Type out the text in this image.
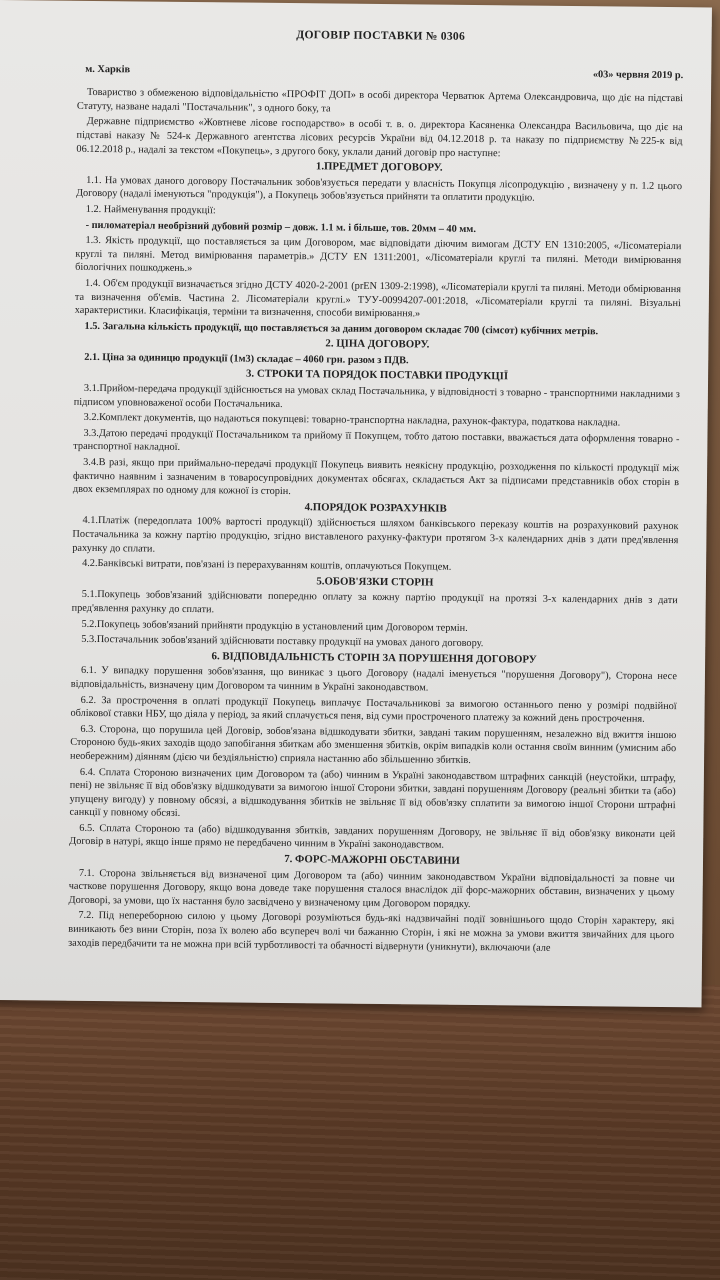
ДОГОВІР ПОСТАВКИ № 0306
м. Харків	«03» червня 2019 р.

Товариство з обмеженою відповідальністю «ПРОФІТ ДОП» в особі директора Черватюк Артема Олександровича, що діє на підставі Статуту, назване надалі "Постачальник", з одного боку, та

Державне підприємство «Жовтневе лісове господарство» в особі т. в. о. директора Касяненка Олександра Васильовича, що діє на підставі наказу № 524-к Державного агентства лісових ресурсів України від 04.12.2018 р. та наказу по підприємству №225-к від 06.12.2018 р., надалі за текстом «Покупець», з другого боку, уклали даний договір про наступне:

1.ПРЕДМЕТ ДОГОВОРУ.

1.1. На умовах даного договору Постачальник зобов'язується передати у власність Покупця лісопродукцію , визначену у п. 1.2 цього Договору (надалі іменуються "продукція"), а Покупець зобов'язується прийняти та оплатити продукцію.

1.2. Найменування продукції:

- пиломатеріал необрізний дубовий розмір – довж. 1.1 м. і більше, тов. 20мм – 40 мм.

1.3. Якість продукції, що поставляється за цим Договором, має відповідати діючим вимогам ДСТУ EN 1310:2005, «Лісоматеріали круглі та пиляні. Метод вимірювання параметрів.» ДСТУ EN 1311:2001, «Лісоматеріали круглі та пиляні. Методи вимірювання біологічних пошкоджень.»

1.4. Об'єм продукції визначається згідно ДСТУ 4020-2-2001 (prEN 1309-2:1998), «Лісоматеріали круглі та пиляні. Методи обмірювання та визначення об'ємів. Частина 2. Лісоматеріали круглі.» ТУУ-00994207-001:2018, «Лісоматеріали круглі та пиляні. Візуальні характеристики. Класифікація, терміни та визначення, способи вимірювання.»

1.5. Загальна кількість продукції, що поставляється за даним договором складає 700 (сімсот) кубічних метрів.

2. ЦІНА ДОГОВОРУ.

2.1. Ціна за одиницю продукції (1м3) складає – 4060 грн. разом з ПДВ.

3. СТРОКИ ТА ПОРЯДОК ПОСТАВКИ ПРОДУКЦІЇ

3.1.Прийом-передача продукції здійснюється на умовах склад Постачальника, у відповідності з товарно - транспортними накладними з підписом уповноваженої особи Постачальника.

3.2.Комплект документів, що надаються покупцеві: товарно-транспортна накладна, рахунок-фактура, податкова накладна.

3.3.Датою передачі продукції Постачальником та прийому її Покупцем, тобто датою поставки, вважається дата оформлення товарно - транспортної накладної.

3.4.В разі, якщо при приймально-передачі продукції Покупець виявить неякісну продукцію, розходження по кількості продукції між фактично наявним і зазначеним в товаросупровідних документах обсягах, складається Акт за підписами представників обох сторін в двох екземплярах по одному для кожної із сторін.

4.ПОРЯДОК РОЗРАХУНКІВ

4.1.Платіж (передоплата 100% вартості продукції) здійснюється шляхом банківського переказу коштів на розрахунковий рахунок Постачальника за кожну партію продукцію, згідно виставленого рахунку-фактури протягом 3-х календарних днів з дати пред'явлення рахунку до сплати.

4.2.Банківські витрати, пов'язані із перерахуванням коштів, оплачуються Покупцем.

5.ОБОВ'ЯЗКИ СТОРІН

5.1.Покупець зобов'язаний здійснювати попередню оплату за кожну партію продукції на протязі 3-х календарних днів з дати пред'явлення рахунку до сплати.

5.2.Покупець зобов'язаний прийняти продукцію в установлений цим Договором термін.

5.3.Постачальник зобов'язаний здійснювати поставку продукції на умовах даного договору.

6. ВІДПОВІДАЛЬНІСТЬ СТОРІН ЗА ПОРУШЕННЯ ДОГОВОРУ

6.1. У випадку порушення зобов'язання, що виникає з цього Договору (надалі іменується "порушення Договору"), Сторона несе відповідальність, визначену цим Договором та чинним в Україні законодавством.

6.2. За прострочення в оплаті продукції Покупець виплачує Постачальникові за вимогою останнього пеню у розмірі подвійної облікової ставки НБУ, що діяла у період, за який сплачується пеня, від суми простроченого платежу за кожний день прострочення.

6.3. Сторона, що порушила цей Договір, зобов'язана відшкодувати збитки, завдані таким порушенням, незалежно від вжиття іншою Стороною будь-яких заходів щодо запобігання збиткам або зменшення збитків, окрім випадків коли остання своїм винним (умисним або необережним) діянням (дією чи бездіяльністю) сприяла настанню або збільшенню збитків.

6.4. Сплата Стороною визначених цим Договором та (або) чинним в Україні законодавством штрафних санкцій (неустойки, штрафу, пені) не звільняє її від обов'язку відшкодувати за вимогою іншої Сторони збитки, завдані порушенням Договору (реальні збитки та (або) упущену вигоду) у повному обсязі, а відшкодування збитків не звільняє її від обов'язку сплатити за вимогою іншої Сторони штрафні санкції у повному обсязі.

6.5. Сплата Стороною та (або) відшкодування збитків, завданих порушенням Договору, не звільняє її від обов'язку виконати цей Договір в натурі, якщо інше прямо не передбачено чинним в Україні законодавством.

7. ФОРС-МАЖОРНІ ОБСТАВИНИ

7.1. Сторона звільняється від визначеної цим Договором та (або) чинним законодавством України відповідальності за повне чи часткове порушення Договору, якщо вона доведе таке порушення сталося внаслідок дії форс-мажорних обставин, визначених у цьому Договорі, за умови, що їх настання було засвідчено у визначеному цим Договором порядку.

7.2. Під непереборною силою у цьому Договорі розуміються будь-які надзвичайні події зовнішнього щодо Сторін характеру, які виникають без вини Сторін, поза їх волею або всупереч волі чи бажанню Сторін, і які не можна за умови вжиття звичайних для цього заходів передбачити та не можна при всій турботливості та обачності відвернути (уникнути), включаючи (але
